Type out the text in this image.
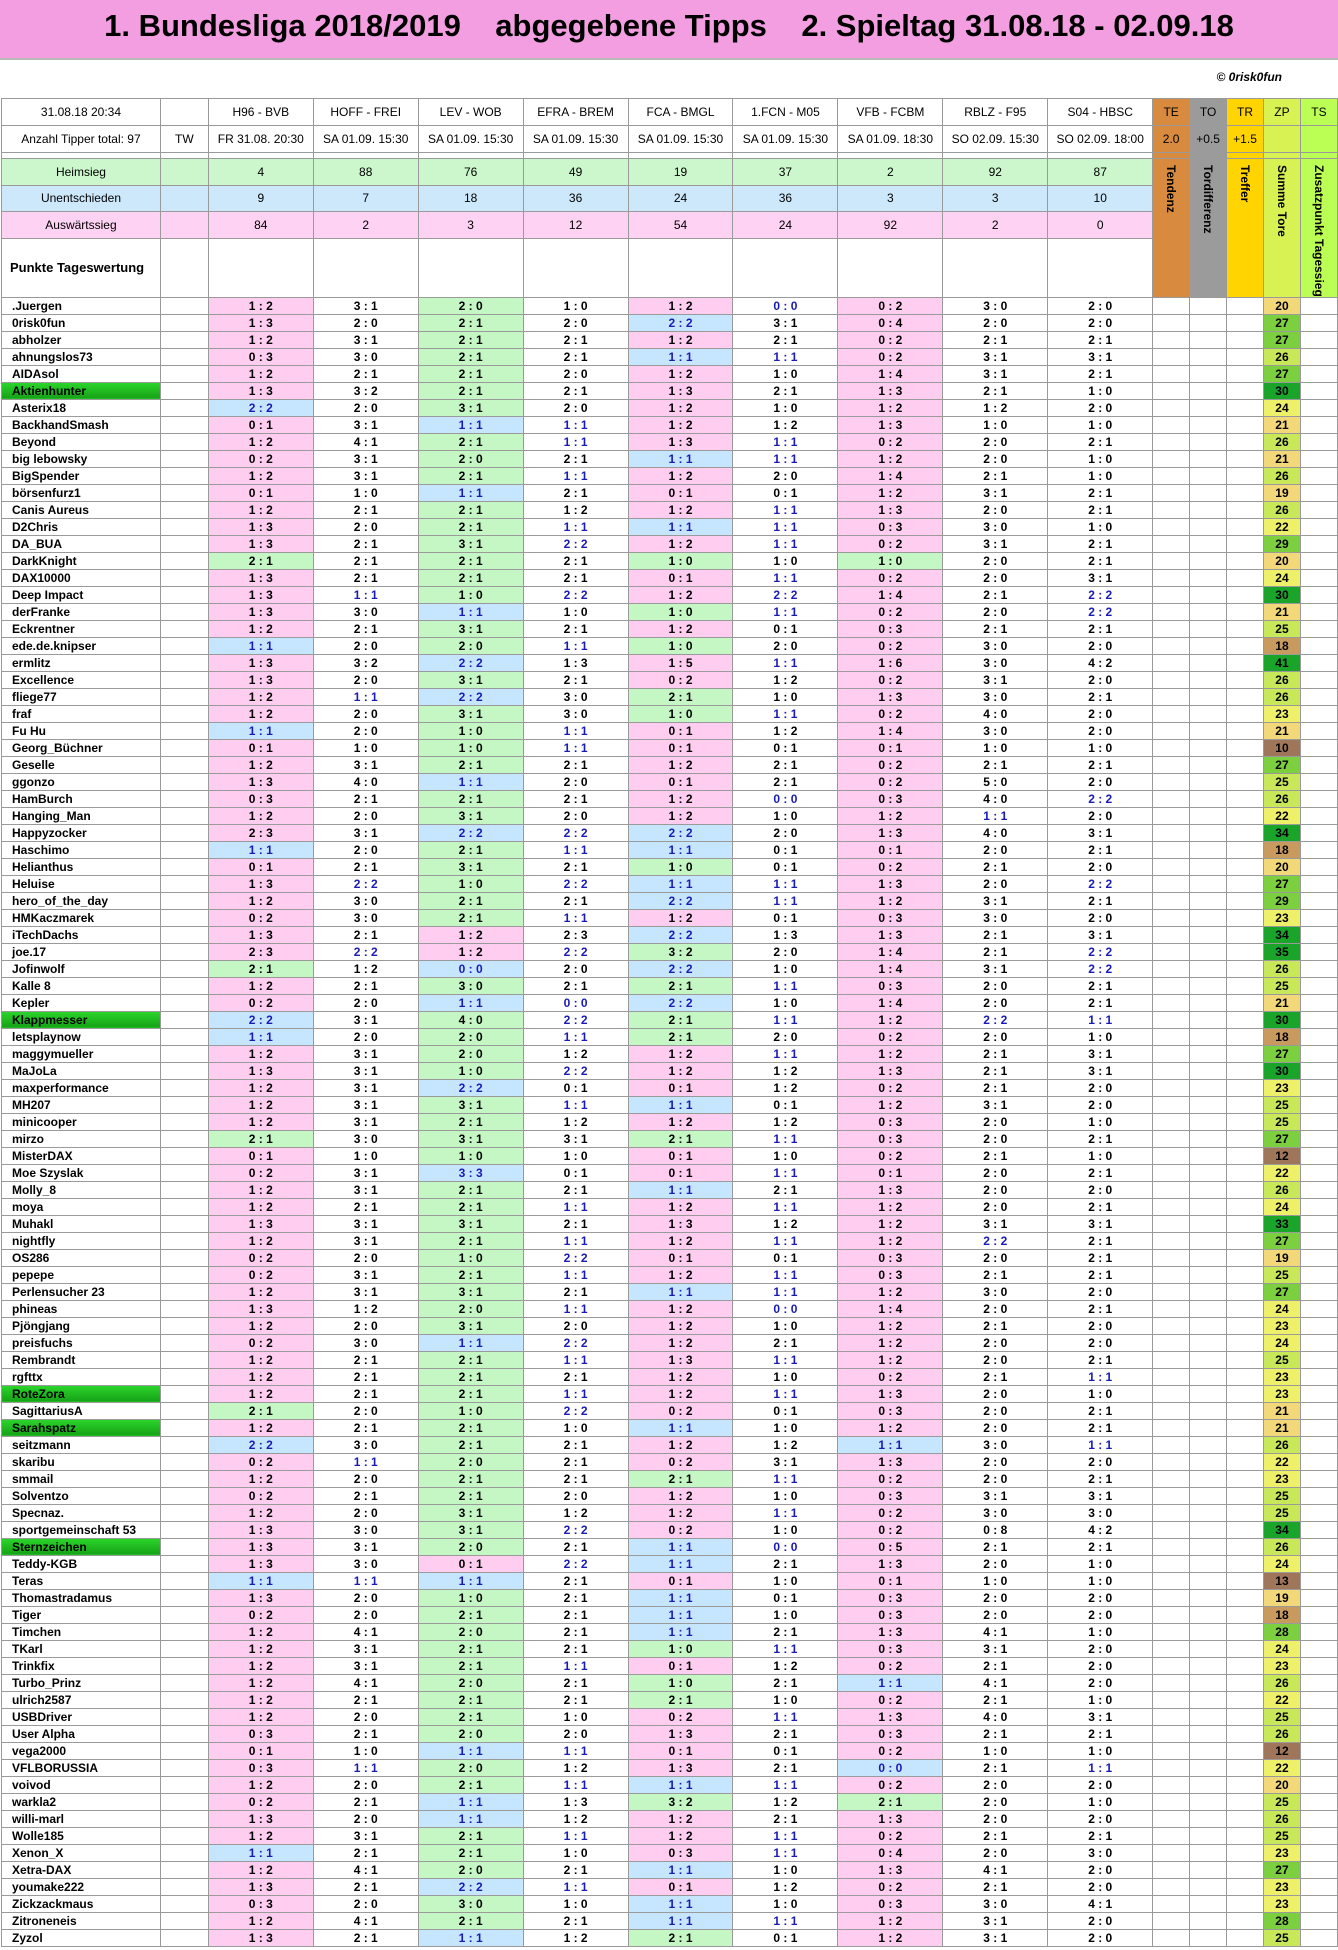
1. Bundesliga 2018/2019    abgegebene Tipps    2. Spieltag 31.08.18 - 02.09.18
© 0risk0fun
31.08.18 20:34		H96 - BVB	HOFF - FREI	LEV - WOB	EFRA - BREM	FCA - BMGL	1.FCN - M05	VFB - FCBM	RBLZ - F95	S04 - HBSC	TE	TO	TR	ZP	TS
Anzahl Tipper total: 97	TW	FR 31.08. 20:30	SA 01.09. 15:30	SA 01.09. 15:30	SA 01.09. 15:30	SA 01.09. 15:30	SA 01.09. 15:30	SA 01.09. 18:30	SO 02.09. 15:30	SO 02.09. 18:00	2.0	+0.5	+1.5		

Heimsieg		4	88	76	49	19	37	2	92	87	Tendenz	Tordifferenz	Treffer	Summe Tore	Zusatzpunkt Tagessieg

Unentschieden		9	7	18	36	24	36	3	3	10					
Auswärtssieg		84	2	3	12	54	24	92	2	0					
Punkte Tageswertung															
.Juergen		1 : 2	3 : 1	2 : 0	1 : 0	1 : 2	0 : 0	0 : 2	3 : 0	2 : 0				20	
0risk0fun		1 : 3	2 : 0	2 : 1	2 : 0	2 : 2	3 : 1	0 : 4	2 : 0	2 : 0				27	
abholzer		1 : 2	3 : 1	2 : 1	2 : 1	1 : 2	2 : 1	0 : 2	2 : 1	2 : 1				27	
ahnungslos73		0 : 3	3 : 0	2 : 1	2 : 1	1 : 1	1 : 1	0 : 2	3 : 1	3 : 1				26	
AIDAsol		1 : 2	2 : 1	2 : 1	2 : 0	1 : 2	1 : 0	1 : 4	3 : 1	2 : 1				27	
Aktienhunter		1 : 3	3 : 2	2 : 1	2 : 1	1 : 3	2 : 1	1 : 3	2 : 1	1 : 0				30	
Asterix18		2 : 2	2 : 0	3 : 1	2 : 0	1 : 2	1 : 0	1 : 2	1 : 2	2 : 0				24	
BackhandSmash		0 : 1	3 : 1	1 : 1	1 : 1	1 : 2	1 : 2	1 : 3	1 : 0	1 : 0				21	
Beyond		1 : 2	4 : 1	2 : 1	1 : 1	1 : 3	1 : 1	0 : 2	2 : 0	2 : 1				26	
big lebowsky		0 : 2	3 : 1	2 : 0	2 : 1	1 : 1	1 : 1	1 : 2	2 : 0	1 : 0				21	
BigSpender		1 : 2	3 : 1	2 : 1	1 : 1	1 : 2	2 : 0	1 : 4	2 : 1	1 : 0				26	
börsenfurz1		0 : 1	1 : 0	1 : 1	2 : 1	0 : 1	0 : 1	1 : 2	3 : 1	2 : 1				19	
Canis Aureus		1 : 2	2 : 1	2 : 1	1 : 2	1 : 2	1 : 1	1 : 3	2 : 0	2 : 1				26	
D2Chris		1 : 3	2 : 0	2 : 1	1 : 1	1 : 1	1 : 1	0 : 3	3 : 0	1 : 0				22	
DA_BUA		1 : 3	2 : 1	3 : 1	2 : 2	1 : 2	1 : 1	0 : 2	3 : 1	2 : 1				29	
DarkKnight		2 : 1	2 : 1	2 : 1	2 : 1	1 : 0	1 : 0	1 : 0	2 : 0	2 : 1				20	
DAX10000		1 : 3	2 : 1	2 : 1	2 : 1	0 : 1	1 : 1	0 : 2	2 : 0	3 : 1				24	
Deep Impact		1 : 3	1 : 1	1 : 0	2 : 2	1 : 2	2 : 2	1 : 4	2 : 1	2 : 2				30	
derFranke		1 : 3	3 : 0	1 : 1	1 : 0	1 : 0	1 : 1	0 : 2	2 : 0	2 : 2				21	
Eckrentner		1 : 2	2 : 1	3 : 1	2 : 1	1 : 2	0 : 1	0 : 3	2 : 1	2 : 1				25	
ede.de.knipser		1 : 1	2 : 0	2 : 0	1 : 1	1 : 0	2 : 0	0 : 2	3 : 0	2 : 0				18	
ermlitz		1 : 3	3 : 2	2 : 2	1 : 3	1 : 5	1 : 1	1 : 6	3 : 0	4 : 2				41	
Excellence		1 : 3	2 : 0	3 : 1	2 : 1	0 : 2	1 : 2	0 : 2	3 : 1	2 : 0				26	
fliege77		1 : 2	1 : 1	2 : 2	3 : 0	2 : 1	1 : 0	1 : 3	3 : 0	2 : 1				26	
fraf		1 : 2	2 : 0	3 : 1	3 : 0	1 : 0	1 : 1	0 : 2	4 : 0	2 : 0				23	
Fu Hu		1 : 1	2 : 0	1 : 0	1 : 1	0 : 1	1 : 2	1 : 4	3 : 0	2 : 0				21	
Georg_Büchner		0 : 1	1 : 0	1 : 0	1 : 1	0 : 1	0 : 1	0 : 1	1 : 0	1 : 0				10	
Geselle		1 : 2	3 : 1	2 : 1	2 : 1	1 : 2	2 : 1	0 : 2	2 : 1	2 : 1				27	
ggonzo		1 : 3	4 : 0	1 : 1	2 : 0	0 : 1	2 : 1	0 : 2	5 : 0	2 : 0				25	
HamBurch		0 : 3	2 : 1	2 : 1	2 : 1	1 : 2	0 : 0	0 : 3	4 : 0	2 : 2				26	
Hanging_Man		1 : 2	2 : 0	3 : 1	2 : 0	1 : 2	1 : 0	1 : 2	1 : 1	2 : 0				22	
Happyzocker		2 : 3	3 : 1	2 : 2	2 : 2	2 : 2	2 : 0	1 : 3	4 : 0	3 : 1				34	
Haschimo		1 : 1	2 : 0	2 : 1	1 : 1	1 : 1	0 : 1	0 : 1	2 : 0	2 : 1				18	
Helianthus		0 : 1	2 : 1	3 : 1	2 : 1	1 : 0	0 : 1	0 : 2	2 : 1	2 : 0				20	
Heluise		1 : 3	2 : 2	1 : 0	2 : 2	1 : 1	1 : 1	1 : 3	2 : 0	2 : 2				27	
hero_of_the_day		1 : 2	3 : 0	2 : 1	2 : 1	2 : 2	1 : 1	1 : 2	3 : 1	2 : 1				29	
HMKaczmarek		0 : 2	3 : 0	2 : 1	1 : 1	1 : 2	0 : 1	0 : 3	3 : 0	2 : 0				23	
iTechDachs		1 : 3	2 : 1	1 : 2	2 : 3	2 : 2	1 : 3	1 : 3	2 : 1	3 : 1				34	
joe.17		2 : 3	2 : 2	1 : 2	2 : 2	3 : 2	2 : 0	1 : 4	2 : 1	2 : 2				35	
Jofinwolf		2 : 1	1 : 2	0 : 0	2 : 0	2 : 2	1 : 0	1 : 4	3 : 1	2 : 2				26	
Kalle 8		1 : 2	2 : 1	3 : 0	2 : 1	2 : 1	1 : 1	0 : 3	2 : 0	2 : 1				25	
Kepler		0 : 2	2 : 0	1 : 1	0 : 0	2 : 2	1 : 0	1 : 4	2 : 0	2 : 1				21	
Klappmesser		2 : 2	3 : 1	4 : 0	2 : 2	2 : 1	1 : 1	1 : 2	2 : 2	1 : 1				30	
letsplaynow		1 : 1	2 : 0	2 : 0	1 : 1	2 : 1	2 : 0	0 : 2	2 : 0	1 : 0				18	
maggymueller		1 : 2	3 : 1	2 : 0	1 : 2	1 : 2	1 : 1	1 : 2	2 : 1	3 : 1				27	
MaJoLa		1 : 3	3 : 1	1 : 0	2 : 2	1 : 2	1 : 2	1 : 3	2 : 1	3 : 1				30	
maxperformance		1 : 2	3 : 1	2 : 2	0 : 1	0 : 1	1 : 2	0 : 2	2 : 1	2 : 0				23	
MH207		1 : 2	3 : 1	3 : 1	1 : 1	1 : 1	0 : 1	1 : 2	3 : 1	2 : 0				25	
minicooper		1 : 2	3 : 1	2 : 1	1 : 2	1 : 2	1 : 2	0 : 3	2 : 0	1 : 0				25	
mirzo		2 : 1	3 : 0	3 : 1	3 : 1	2 : 1	1 : 1	0 : 3	2 : 0	2 : 1				27	
MisterDAX		0 : 1	1 : 0	1 : 0	1 : 0	0 : 1	1 : 0	0 : 2	2 : 1	1 : 0				12	
Moe Szyslak		0 : 2	3 : 1	3 : 3	0 : 1	0 : 1	1 : 1	0 : 1	2 : 0	2 : 1				22	
Molly_8		1 : 2	3 : 1	2 : 1	2 : 1	1 : 1	2 : 1	1 : 3	2 : 0	2 : 0				26	
moya		1 : 2	2 : 1	2 : 1	1 : 1	1 : 2	1 : 1	1 : 2	2 : 0	2 : 1				24	
Muhakl		1 : 3	3 : 1	3 : 1	2 : 1	1 : 3	1 : 2	1 : 2	3 : 1	3 : 1				33	
nightfly		1 : 2	3 : 1	2 : 1	1 : 1	1 : 2	1 : 1	1 : 2	2 : 2	2 : 1				27	
OS286		0 : 2	2 : 0	1 : 0	2 : 2	0 : 1	0 : 1	0 : 3	2 : 0	2 : 1				19	
pepepe		0 : 2	3 : 1	2 : 1	1 : 1	1 : 2	1 : 1	0 : 3	2 : 1	2 : 1				25	
Perlensucher 23		1 : 2	3 : 1	3 : 1	2 : 1	1 : 1	1 : 1	1 : 2	3 : 0	2 : 0				27	
phineas		1 : 3	1 : 2	2 : 0	1 : 1	1 : 2	0 : 0	1 : 4	2 : 0	2 : 1				24	
Pjöngjang		1 : 2	2 : 0	3 : 1	2 : 0	1 : 2	1 : 0	1 : 2	2 : 1	2 : 0				23	
preisfuchs		0 : 2	3 : 0	1 : 1	2 : 2	1 : 2	2 : 1	1 : 2	2 : 0	2 : 0				24	
Rembrandt		1 : 2	2 : 1	2 : 1	1 : 1	1 : 3	1 : 1	1 : 2	2 : 0	2 : 1				25	
rgfttx		1 : 2	2 : 1	2 : 1	2 : 1	1 : 2	1 : 0	0 : 2	2 : 1	1 : 1				23	
RoteZora		1 : 2	2 : 1	2 : 1	1 : 1	1 : 2	1 : 1	1 : 3	2 : 0	1 : 0				23	
SagittariusA		2 : 1	2 : 0	1 : 0	2 : 2	0 : 2	0 : 1	0 : 3	2 : 0	2 : 1				21	
Sarahspatz		1 : 2	2 : 1	2 : 1	1 : 0	1 : 1	1 : 0	1 : 2	2 : 0	2 : 1				21	
seitzmann		2 : 2	3 : 0	2 : 1	2 : 1	1 : 2	1 : 2	1 : 1	3 : 0	1 : 1				26	
skaribu		0 : 2	1 : 1	2 : 0	2 : 1	0 : 2	3 : 1	1 : 3	2 : 0	2 : 0				22	
smmail		1 : 2	2 : 0	2 : 1	2 : 1	2 : 1	1 : 1	0 : 2	2 : 0	2 : 1				23	
Solventzo		0 : 2	2 : 1	2 : 1	2 : 0	1 : 2	1 : 0	0 : 3	3 : 1	3 : 1				25	
Specnaz.		1 : 2	2 : 0	3 : 1	1 : 2	1 : 2	1 : 1	0 : 2	3 : 0	3 : 0				25	
sportgemeinschaft 53		1 : 3	3 : 0	3 : 1	2 : 2	0 : 2	1 : 0	0 : 2	0 : 8	4 : 2				34	
Sternzeichen		1 : 3	3 : 1	2 : 0	2 : 1	1 : 1	0 : 0	0 : 5	2 : 1	2 : 1				26	
Teddy-KGB		1 : 3	3 : 0	0 : 1	2 : 2	1 : 1	2 : 1	1 : 3	2 : 0	1 : 0				24	
Teras		1 : 1	1 : 1	1 : 1	2 : 1	0 : 1	1 : 0	0 : 1	1 : 0	1 : 0				13	
Thomastradamus		1 : 3	2 : 0	1 : 0	2 : 1	1 : 1	0 : 1	0 : 3	2 : 0	2 : 0				19	
Tiger		0 : 2	2 : 0	2 : 1	2 : 1	1 : 1	1 : 0	0 : 3	2 : 0	2 : 0				18	
Timchen		1 : 2	4 : 1	2 : 0	2 : 1	1 : 1	2 : 1	1 : 3	4 : 1	1 : 0				28	
TKarl		1 : 2	3 : 1	2 : 1	2 : 1	1 : 0	1 : 1	0 : 3	3 : 1	2 : 0				24	
Trinkfix		1 : 2	3 : 1	2 : 1	1 : 1	0 : 1	1 : 2	0 : 2	2 : 1	2 : 0				23	
Turbo_Prinz		1 : 2	4 : 1	2 : 0	2 : 1	1 : 0	2 : 1	1 : 1	4 : 1	2 : 0				26	
ulrich2587		1 : 2	2 : 1	2 : 1	2 : 1	2 : 1	1 : 0	0 : 2	2 : 1	1 : 0				22	
USBDriver		1 : 2	2 : 0	2 : 1	1 : 0	0 : 2	1 : 1	1 : 3	4 : 0	3 : 1				25	
User Alpha		0 : 3	2 : 1	2 : 0	2 : 0	1 : 3	2 : 1	0 : 3	2 : 1	2 : 1				26	
vega2000		0 : 1	1 : 0	1 : 1	1 : 1	0 : 1	0 : 1	0 : 2	1 : 0	1 : 0				12	
VFLBORUSSIA		0 : 3	1 : 1	2 : 0	1 : 2	1 : 3	2 : 1	0 : 0	2 : 1	1 : 1				22	
voivod		1 : 2	2 : 0	2 : 1	1 : 1	1 : 1	1 : 1	0 : 2	2 : 0	2 : 0				20	
warkla2		0 : 2	2 : 1	1 : 1	1 : 3	3 : 2	1 : 2	2 : 1	2 : 0	1 : 0				25	
willi-marl		1 : 3	2 : 0	1 : 1	1 : 2	1 : 2	2 : 1	1 : 3	2 : 0	2 : 0				26	
Wolle185		1 : 2	3 : 1	2 : 1	1 : 1	1 : 2	1 : 1	0 : 2	2 : 1	2 : 1				25	
Xenon_X		1 : 1	2 : 1	2 : 1	1 : 0	0 : 3	1 : 1	0 : 4	2 : 0	3 : 0				23	
Xetra-DAX		1 : 2	4 : 1	2 : 0	2 : 1	1 : 1	1 : 0	1 : 3	4 : 1	2 : 0				27	
youmake222		1 : 3	2 : 1	2 : 2	1 : 1	0 : 1	1 : 2	0 : 2	2 : 1	2 : 0				23	
Zickzackmaus		0 : 3	2 : 0	3 : 0	1 : 0	1 : 1	1 : 0	0 : 3	3 : 0	4 : 1				23	
Zitroneneis		1 : 2	4 : 1	2 : 1	2 : 1	1 : 1	1 : 1	1 : 2	3 : 1	2 : 0				28	
Zyzol		1 : 3	2 : 1	1 : 1	1 : 2	2 : 1	0 : 1	1 : 2	3 : 1	2 : 0				25	
